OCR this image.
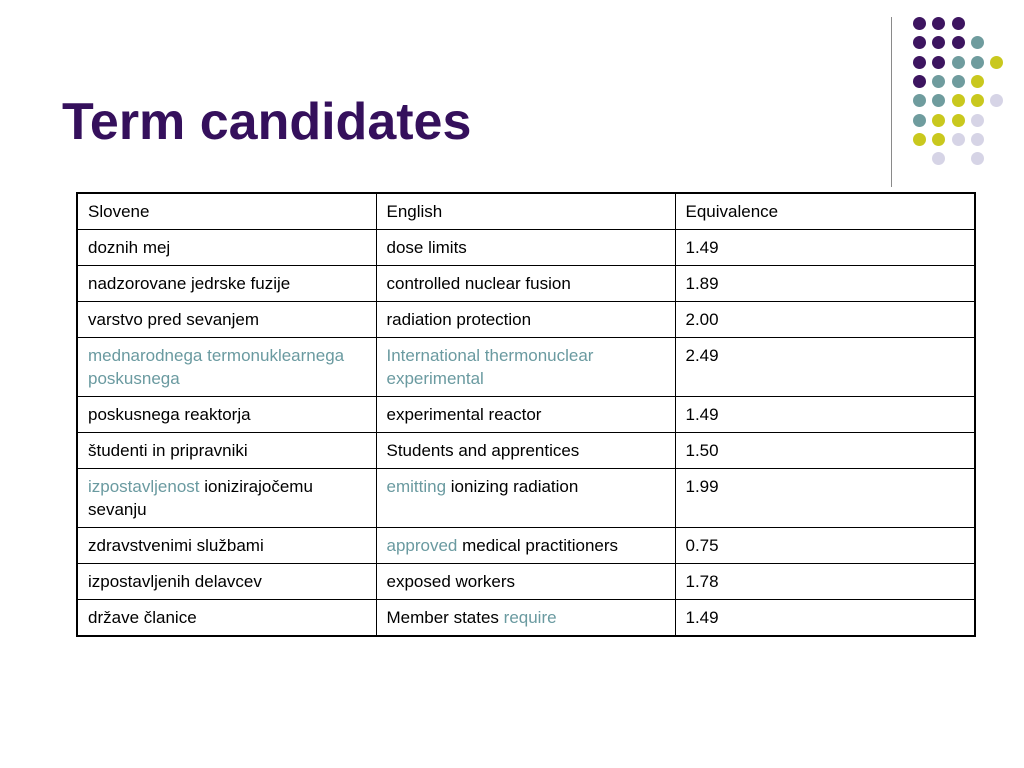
Term candidates
Slovene	English	Equivalence
doznih mej	dose limits	1.49
nadzorovane jedrske fuzije	controlled nuclear fusion	1.89
varstvo pred sevanjem	radiation protection	2.00
mednarodnega termonuklearnega poskusnega	International thermonuclear experimental	2.49
poskusnega reaktorja	experimental reactor	1.49
študenti in pripravniki	Students and apprentices	1.50
izpostavljenost ionizirajočemu sevanju	emitting ionizing radiation	1.99
zdravstvenimi službami	approved medical practitioners	0.75
izpostavljenih delavcev	exposed workers	1.78
države članice	Member states require	1.49
